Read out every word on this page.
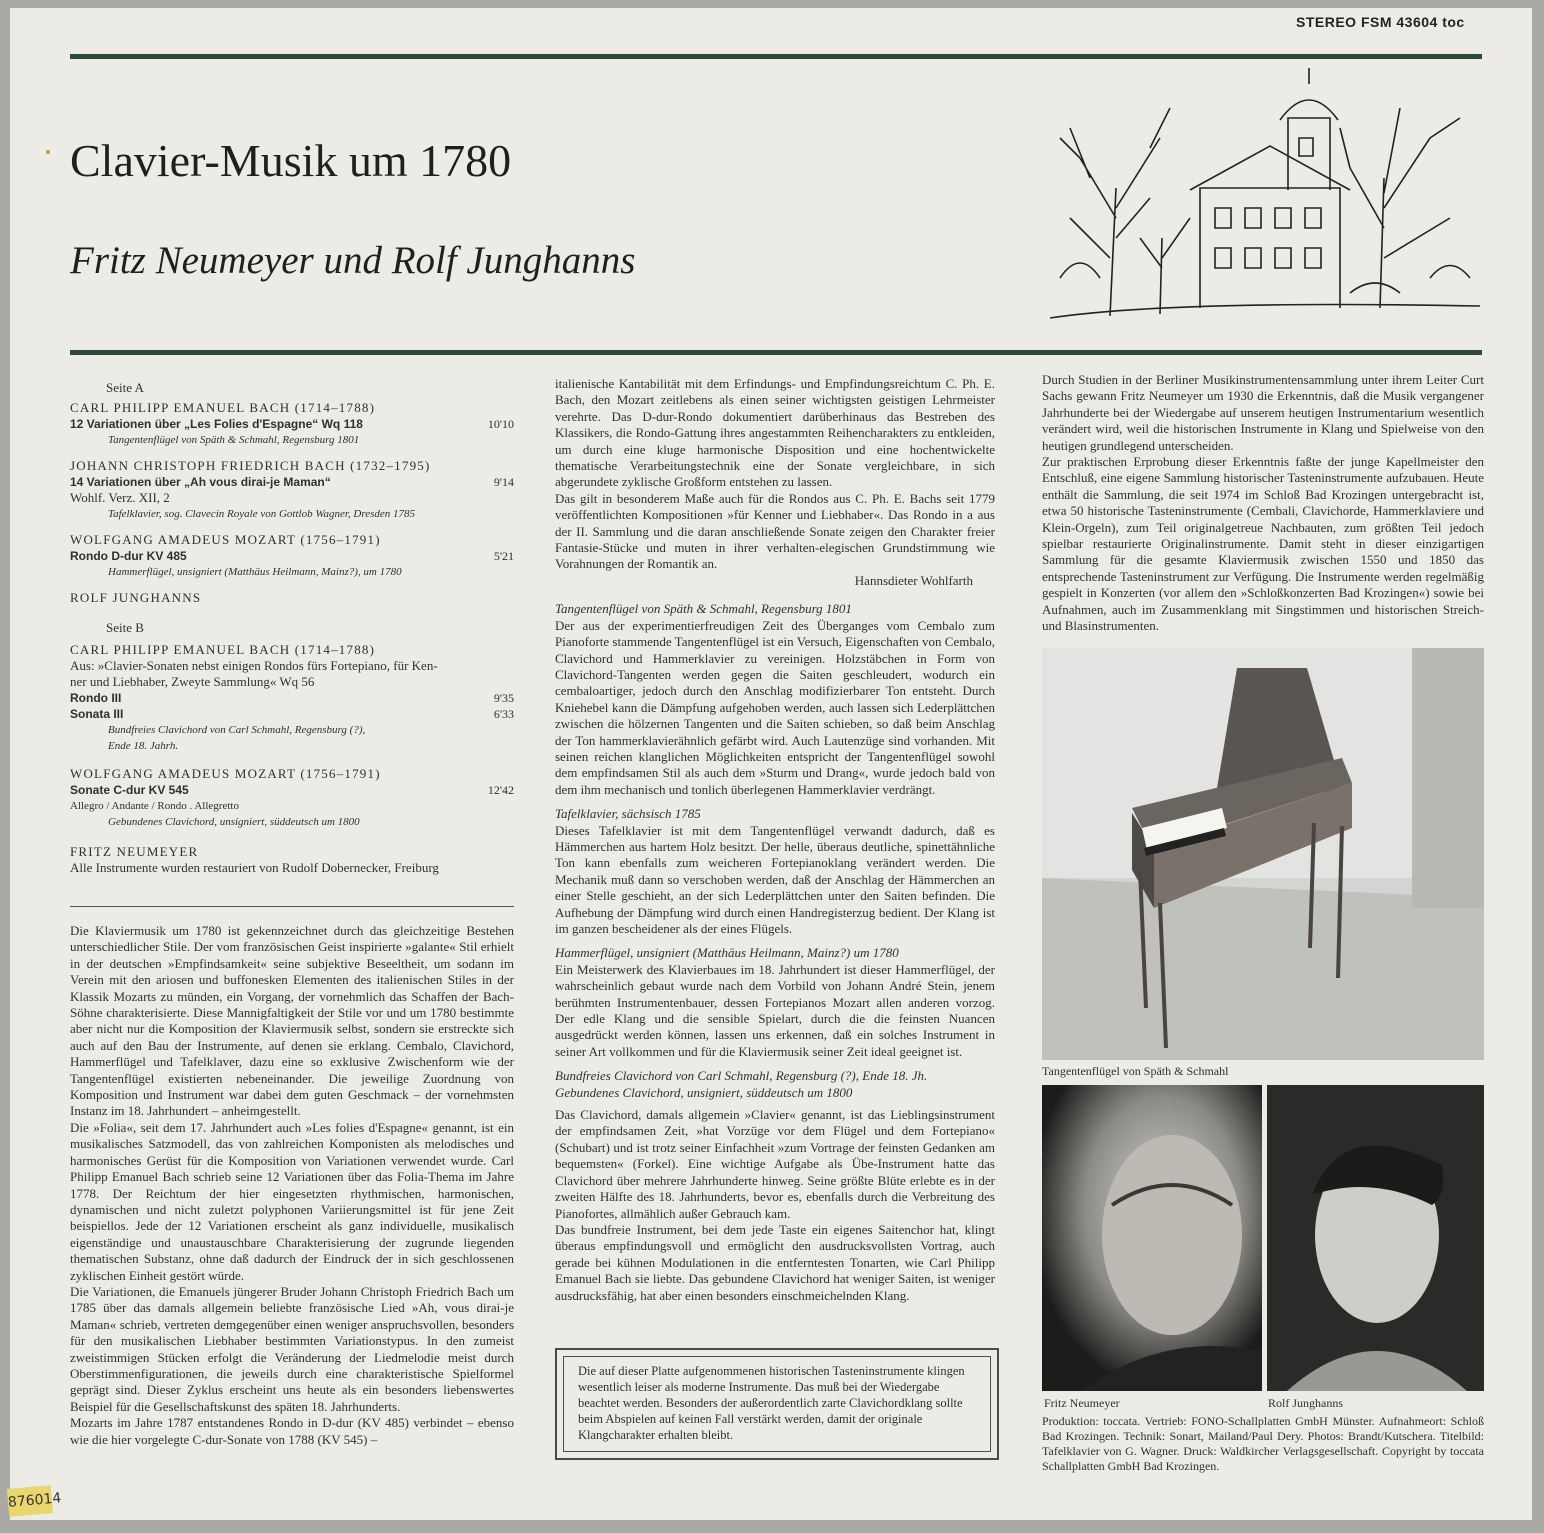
STEREO FSM 43604 toc
Clavier-Musik um 1780
Fritz Neumeyer und Rolf Junghanns
Seite A
CARL PHILIPP EMANUEL BACH (1714–1788)
12 Variationen über „Les Folies d'Espagne“ Wq 118	10'10
Tangentenflügel von Späth & Schmahl, Regensburg 1801
JOHANN CHRISTOPH FRIEDRICH BACH (1732–1795)
14 Variationen über „Ah vous dirai-je Maman“	9'14
Wohlf. Verz. XII, 2
Tafelklavier, sog. Clavecin Royale von Gottlob Wagner, Dresden 1785
WOLFGANG AMADEUS MOZART (1756–1791)
Rondo D-dur KV 485	5'21
Hammerflügel, unsigniert (Matthäus Heilmann, Mainz?), um 1780
ROLF JUNGHANNS
Seite B
CARL PHILIPP EMANUEL BACH (1714–1788)
Aus: »Clavier-Sonaten nebst einigen Rondos fürs Fortepiano, für Ken-
ner und Liebhaber, Zweyte Sammlung« Wq 56
Rondo III	9'35
Sonata III	6'33
Bundfreies Clavichord von Carl Schmahl, Regensburg (?),
Ende 18. Jahrh.
WOLFGANG AMADEUS MOZART (1756–1791)
Sonate C-dur KV 545	12'42
Allegro / Andante / Rondo . Allegretto
Gebundenes Clavichord, unsigniert, süddeutsch um 1800
FRITZ NEUMEYER
Alle Instrumente wurden restauriert von Rudolf Dobernecker, Freiburg

Die Klaviermusik um 1780 ist gekennzeichnet durch das gleichzeitige Bestehen unterschiedlicher Stile. Der vom französischen Geist inspirierte »galante« Stil erhielt in der deutschen »Empfindsamkeit« seine subjektive Beseeltheit, um sodann im Verein mit den ariosen und buffonesken Elementen des italienischen Stiles in der Klassik Mozarts zu münden, ein Vorgang, der vornehmlich das Schaffen der Bach-Söhne charakterisierte. Diese Mannigfaltigkeit der Stile vor und um 1780 bestimmte aber nicht nur die Komposition der Klaviermusik selbst, sondern sie erstreckte sich auch auf den Bau der Instrumente, auf denen sie erklang. Cembalo, Clavichord, Hammerflügel und Tafelklaver, dazu eine so exklusive Zwischenform wie der Tangentenflügel existierten nebeneinander. Die jeweilige Zuordnung von Komposition und Instrument war dabei dem guten Geschmack – der vornehmsten Instanz im 18. Jahrhundert – anheimgestellt.

Die »Folia«, seit dem 17. Jahrhundert auch »Les folies d'Espagne« genannt, ist ein musikalisches Satzmodell, das von zahlreichen Komponisten als melodisches und harmonisches Gerüst für die Komposition von Variationen verwendet wurde. Carl Philipp Emanuel Bach schrieb seine 12 Variationen über das Folia-Thema im Jahre 1778. Der Reichtum der hier eingesetzten rhythmischen, harmonischen, dynamischen und nicht zuletzt polyphonen Variierungsmittel ist für jene Zeit beispiellos. Jede der 12 Variationen erscheint als ganz individuelle, musikalisch eigenständige und unaustauschbare Charakterisierung der zugrunde liegenden thematischen Substanz, ohne daß dadurch der Eindruck der in sich geschlossenen zyklischen Einheit gestört würde.

Die Variationen, die Emanuels jüngerer Bruder Johann Christoph Friedrich Bach um 1785 über das damals allgemein beliebte französische Lied »Ah, vous dirai-je Maman« schrieb, vertreten demgegenüber einen weniger anspruchsvollen, besonders für den musikalischen Liebhaber bestimmten Variationstypus. In den zumeist zweistimmigen Stücken erfolgt die Veränderung der Liedmelodie meist durch Oberstimmenfigurationen, die jeweils durch eine charakteristische Spielformel geprägt sind. Dieser Zyklus erscheint uns heute als ein besonders liebenswertes Beispiel für die Gesellschaftskunst des späten 18. Jahrhunderts.

Mozarts im Jahre 1787 entstandenes Rondo in D-dur (KV 485) verbindet – ebenso wie die hier vorgelegte C-dur-Sonate von 1788 (KV 545) –

italienische Kantabilität mit dem Erfindungs- und Empfindungsreichtum C. Ph. E. Bach, den Mozart zeitlebens als einen seiner wichtigsten geistigen Lehrmeister verehrte. Das D-dur-Rondo dokumentiert darüberhinaus das Bestreben des Klassikers, die Rondo-Gattung ihres angestammten Reihencharakters zu entkleiden, um durch eine kluge harmonische Disposition und eine hochentwickelte thematische Verarbeitungstechnik eine der Sonate vergleichbare, in sich abgerundete zyklische Großform entstehen zu lassen.

Das gilt in besonderem Maße auch für die Rondos aus C. Ph. E. Bachs seit 1779 veröffentlichten Kompositionen »für Kenner und Liebhaber«. Das Rondo in a aus der II. Sammlung und die daran anschließende Sonate zeigen den Charakter freier Fantasie-Stücke und muten in ihrer verhalten-elegischen Grundstimmung wie Vorahnungen der Romantik an.

Hannsdieter Wohlfarth

Tangentenflügel von Späth & Schmahl, Regensburg 1801

Der aus der experimentierfreudigen Zeit des Überganges vom Cembalo zum Pianoforte stammende Tangentenflügel ist ein Versuch, Eigenschaften von Cembalo, Clavichord und Hammerklavier zu vereinigen. Holzstäbchen in Form von Clavichord-Tangenten werden gegen die Saiten geschleudert, wodurch ein cembaloartiger, jedoch durch den Anschlag modifizierbarer Ton entsteht. Durch Kniehebel kann die Dämpfung aufgehoben werden, auch lassen sich Lederplättchen zwischen die hölzernen Tangenten und die Saiten schieben, so daß beim Anschlag der Ton hammerklavierähnlich gefärbt wird. Auch Lautenzüge sind vorhanden. Mit seinen reichen klanglichen Möglichkeiten entspricht der Tangentenflügel sowohl dem empfindsamen Stil als auch dem »Sturm und Drang«, wurde jedoch bald von dem ihm mechanisch und tonlich überlegenen Hammerklavier verdrängt.

Tafelklavier, sächsisch 1785

Dieses Tafelklavier ist mit dem Tangentenflügel verwandt dadurch, daß es Hämmerchen aus hartem Holz besitzt. Der helle, überaus deutliche, spinettähnliche Ton kann ebenfalls zum weicheren Fortepianoklang verändert werden. Die Mechanik muß dann so verschoben werden, daß der Anschlag der Hämmerchen an einer Stelle geschieht, an der sich Lederplättchen unter den Saiten befinden. Die Aufhebung der Dämpfung wird durch einen Handregisterzug bedient. Der Klang ist im ganzen bescheidener als der eines Flügels.

Hammerflügel, unsigniert (Matthäus Heilmann, Mainz?) um 1780

Ein Meisterwerk des Klavierbaues im 18. Jahrhundert ist dieser Hammerflügel, der wahrscheinlich gebaut wurde nach dem Vorbild von Johann André Stein, jenem berühmten Instrumentenbauer, dessen Fortepianos Mozart allen anderen vorzog. Der edle Klang und die sensible Spielart, durch die die feinsten Nuancen ausgedrückt werden können, lassen uns erkennen, daß ein solches Instrument in seiner Art vollkommen und für die Klaviermusik seiner Zeit ideal geeignet ist.

Bundfreies Clavichord von Carl Schmahl, Regensburg (?), Ende 18. Jh.

Gebundenes Clavichord, unsigniert, süddeutsch um 1800

Das Clavichord, damals allgemein »Clavier« genannt, ist das Lieblingsinstrument der empfindsamen Zeit, »hat Vorzüge vor dem Flügel und dem Fortepiano« (Schubart) und ist trotz seiner Einfachheit »zum Vortrage der feinsten Gedanken am bequemsten« (Forkel). Eine wichtige Aufgabe als Übe-Instrument hatte das Clavichord über mehrere Jahrhunderte hinweg. Seine größte Blüte erlebte es in der zweiten Hälfte des 18. Jahrhunderts, bevor es, ebenfalls durch die Verbreitung des Pianofortes, allmählich außer Gebrauch kam.

Das bundfreie Instrument, bei dem jede Taste ein eigenes Saitenchor hat, klingt überaus empfindungsvoll und ermöglicht den ausdrucksvollsten Vortrag, auch gerade bei kühnen Modulationen in die entferntesten Tonarten, wie Carl Philipp Emanuel Bach sie liebte. Das gebundene Clavichord hat weniger Saiten, ist weniger ausdrucksfähig, hat aber einen besonders einschmeichelnden Klang.

Die auf dieser Platte aufgenommenen historischen Tasteninstrumente klingen wesentlich leiser als moderne Instrumente. Das muß bei der Wiedergabe beachtet werden. Besonders der außerordentlich zarte Clavichordklang sollte beim Abspielen auf keinen Fall verstärkt werden, damit der originale Klangcharakter erhalten bleibt.

Durch Studien in der Berliner Musikinstrumentensammlung unter ihrem Leiter Curt Sachs gewann Fritz Neumeyer um 1930 die Erkenntnis, daß die Musik vergangener Jahrhunderte bei der Wiedergabe auf unserem heutigen Instrumentarium wesentlich verändert wird, weil die historischen Instrumente in Klang und Spielweise von den heutigen grundlegend unterscheiden.

Zur praktischen Erprobung dieser Erkenntnis faßte der junge Kapellmeister den Entschluß, eine eigene Sammlung historischer Tasteninstrumente aufzubauen. Heute enthält die Sammlung, die seit 1974 im Schloß Bad Krozingen untergebracht ist, etwa 50 historische Tasteninstrumente (Cembali, Clavichorde, Hammerklaviere und Klein-Orgeln), zum Teil originalgetreue Nachbauten, zum größten Teil jedoch spielbar restaurierte Originalinstrumente. Damit steht in dieser einzigartigen Sammlung für die gesamte Klaviermusik zwischen 1550 und 1850 das entsprechende Tasteninstrument zur Verfügung. Die Instrumente werden regelmäßig gespielt in Konzerten (vor allem den »Schloßkonzerten Bad Krozingen«) sowie bei Aufnahmen, auch im Zusammenklang mit Singstimmen und historischen Streich- und Blasinstrumenten.

Tangentenflügel von Späth & Schmahl
Fritz Neumeyer	Rolf Junghanns
Produktion: toccata. Vertrieb: FONO-Schallplatten GmbH Münster. Aufnahmeort: Schloß Bad Krozingen. Technik: Sonart, Mailand/Paul Dery. Photos: Brandt/Kutschera. Titelbild: Tafelklavier von G. Wagner. Druck: Waldkircher Verlagsgesellschaft. Copyright by toccata Schallplatten GmbH Bad Krozingen.
876014
